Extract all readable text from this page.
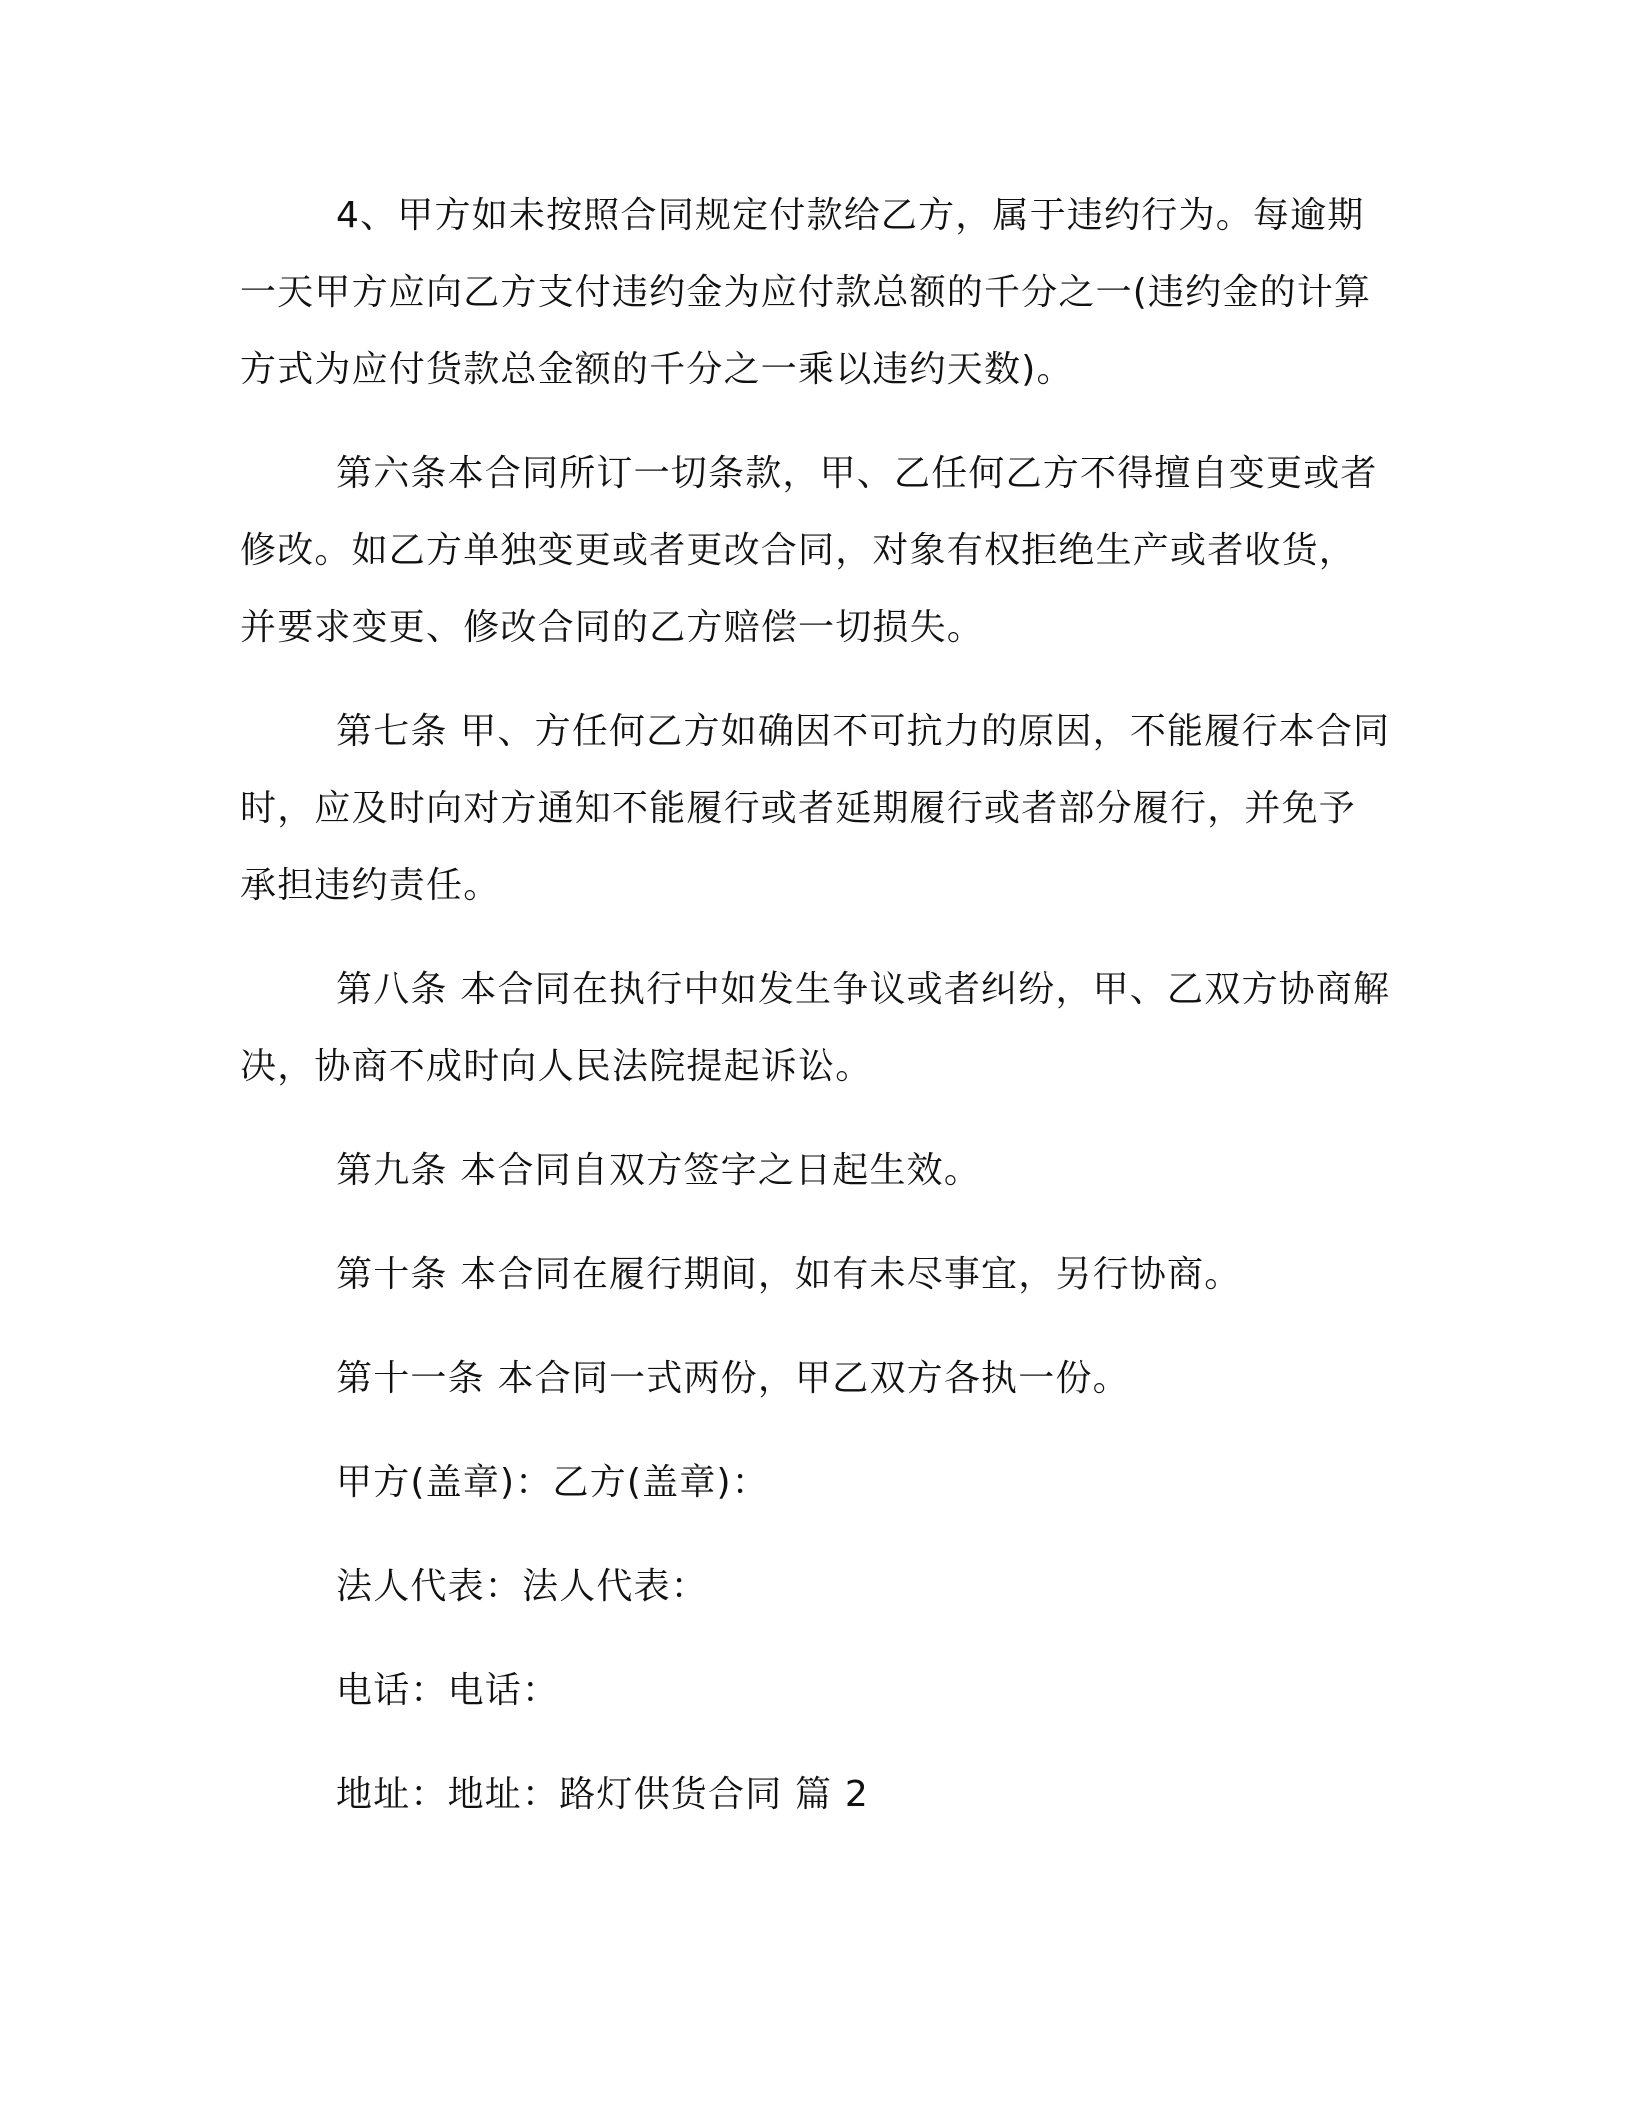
4、甲方如未按照合同规定付款给乙方，属于违约行为。每逾期
一天甲方应向乙方支付违约金为应付款总额的千分之一(违约金的计算
方式为应付货款总金额的千分之一乘以违约天数)。
第六条本合同所订一切条款，甲、乙任何乙方不得擅自变更或者
修改。如乙方单独变更或者更改合同，对象有权拒绝生产或者收货，
并要求变更、修改合同的乙方赔偿一切损失。
第七条 甲、方任何乙方如确因不可抗力的原因，不能履行本合同
时，应及时向对方通知不能履行或者延期履行或者部分履行，并免予
承担违约责任。
第八条 本合同在执行中如发生争议或者纠纷，甲、乙双方协商解
决，协商不成时向人民法院提起诉讼。
第九条 本合同自双方签字之日起生效。
第十条 本合同在履行期间，如有未尽事宜，另行协商。
第十一条 本合同一式两份，甲乙双方各执一份。
甲方(盖章)：乙方(盖章)：
法人代表：法人代表：
电话：电话：
地址：地址：路灯供货合同 篇 2
